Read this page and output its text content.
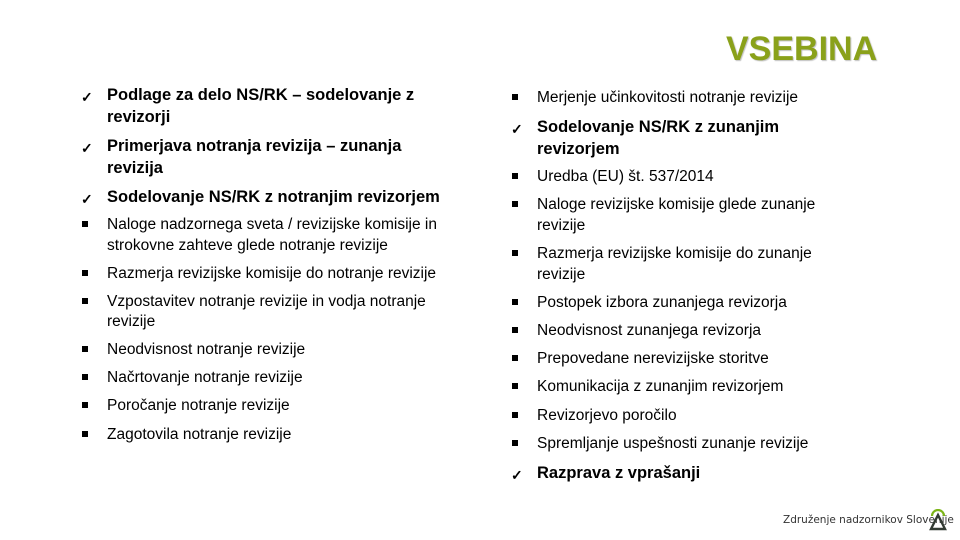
VSEBINA
✓ Podlage za delo NS/RK – sodelovanje z revizorji
✓ Primerjava notranja revizija – zunanja revizija
✓ Sodelovanje NS/RK z notranjim revizorjem
Naloge nadzornega sveta / revizijske komisije in strokovne zahteve glede notranje revizije
Razmerja revizijske komisije do notranje revizije
Vzpostavitev notranje revizije in vodja notranje revizije
Neodvisnost notranje revizije
Načrtovanje notranje revizije
Poročanje notranje revizije
Zagotovila notranje revizije
Merjenje učinkovitosti notranje revizije
✓ Sodelovanje NS/RK z zunanjim revizorjem
Uredba (EU) št. 537/2014
Naloge revizijske komisije glede zunanje revizije
Razmerja revizijske komisije do zunanje revizije
Postopek izbora zunanjega revizorja
Neodvisnost zunanjega revizorja
Prepovedane nerevizijske storitve
Komunikacija z zunanjim revizorjem
Revizorjevo poročilo
Spremljanje uspešnosti zunanje revizije
✓ Razprava z vprašanji
Združenje nadzornikov Slovenije
